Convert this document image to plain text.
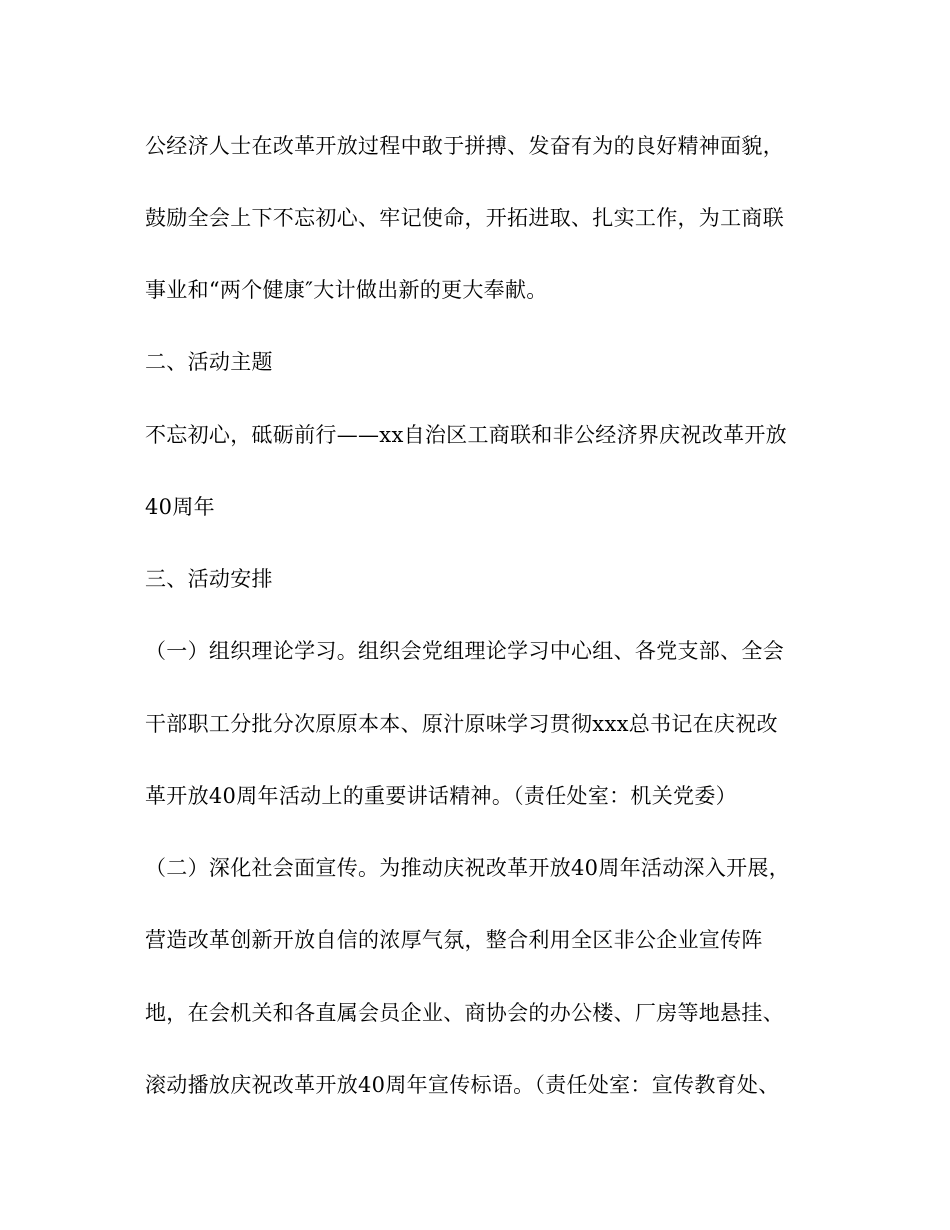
公经济人士在改革开放过程中敢于拼搏、发奋有为的良好精神面貌，
鼓励全会上下不忘初心、牢记使命，开拓进取、扎实工作，为工商联
事业和“两个健康″大计做出新的更大奉献。
二、活动主题
不忘初心，砥砺前行——xx自治区工商联和非公经济界庆祝改革开放
40周年
三、活动安排
（一）组织理论学习。组织会党组理论学习中心组、各党支部、全会
干部职工分批分次原原本本、原汁原味学习贯彻xxx总书记在庆祝改
革开放40周年活动上的重要讲话精神。（责任处室：机关党委）
（二）深化社会面宣传。为推动庆祝改革开放40周年活动深入开展，
营造改革创新开放自信的浓厚气氛，整合利用全区非公企业宣传阵
地，在会机关和各直属会员企业、商协会的办公楼、厂房等地悬挂、
滚动播放庆祝改革开放40周年宣传标语。（责任处室：宣传教育处、
